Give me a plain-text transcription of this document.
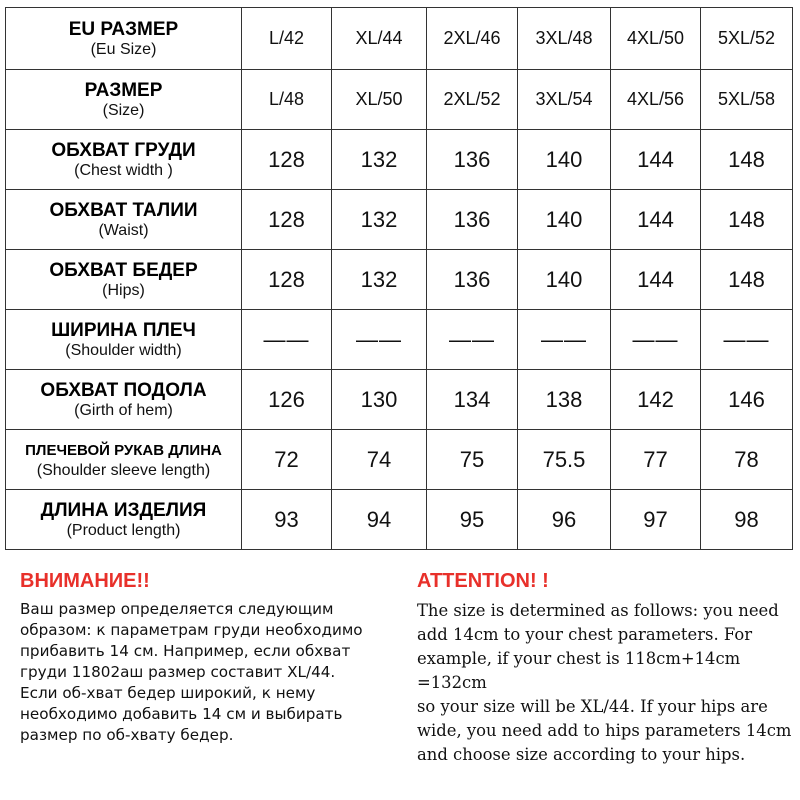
EU РАЗМЕР
(Eu Size)	L/42	XL/44	2XL/46	3XL/48	4XL/50	5XL/52

РАЗМЕР
(Size)	L/48	XL/50	2XL/52	3XL/54	4XL/56	5XL/58

ОБХВАТ ГРУДИ
(Chest width )	128	132	136	140	144	148

ОБХВАТ ТАЛИИ
(Waist)	128	132	136	140	144	148

ОБХВАТ БЕДЕР
(Hips)	128	132	136	140	144	148

ШИРИНА ПЛЕЧ
(Shoulder width)	——	——	——	——	——	——

ОБХВАТ ПОДОЛА
(Girth of hem)	126	130	134	138	142	146

ПЛЕЧЕВОЙ РУКАВ ДЛИНА
(Shoulder sleeve length)	72	74	75	75.5	77	78

ДЛИНА ИЗДЕЛИЯ
(Product length)	93	94	95	96	97	98
ВНИМАНИЕ!!
Ваш размер определяется следующим
образом: к параметрам груди необходимо
прибавить 14 см. Например, если обхват
груди 11802аш размер составит XL/44.
Если об-хват бедер широкий, к нему
необходимо добавить 14 см и выбирать
размер по об-хвату бедер.
ATTENTION! !
The size is determined as follows: you need
add 14cm to your chest parameters. For
example, if your chest is 118cm+14cm =132cm
so your size will be XL/44. If your hips are
wide, you need add to hips parameters 14cm
and choose size according to your hips.
